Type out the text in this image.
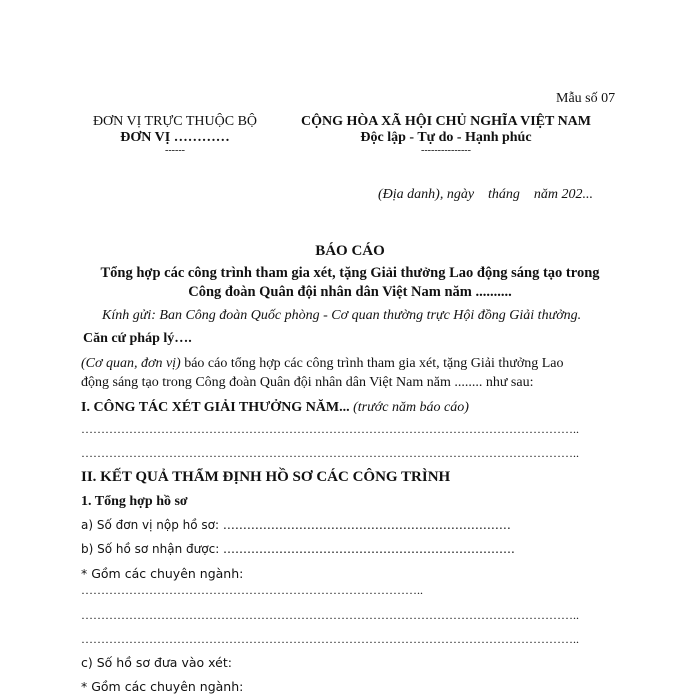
Mẫu số 07
ĐƠN VỊ TRỰC THUỘC BỘ
ĐƠN VỊ …………
------
CỘNG HÒA XÃ HỘI CHỦ NGHĨA VIỆT NAM
Độc lập - Tự do - Hạnh phúc
---------------
(Địa danh), ngày    tháng    năm 202...
BÁO CÁO
Tổng hợp các công trình tham gia xét, tặng Giải thưởng Lao động sáng tạo trong
Công đoàn Quân đội nhân dân Việt Nam năm ..........
Kính gửi: Ban Công đoàn Quốc phòng - Cơ quan thường trực Hội đồng Giải thưởng.
Căn cứ pháp lý….
(Cơ quan, đơn vị) báo cáo tổng hợp các công trình tham gia xét, tặng Giải thưởng Lao
động sáng tạo trong Công đoàn Quân đội nhân dân Việt Nam năm ........ như sau:
I. CÔNG TÁC XÉT GIẢI THƯỞNG NĂM... (trước năm báo cáo)
……………………………………………………………………………………………………………..
……………………………………………………………………………………………………………..
II. KẾT QUẢ THẨM ĐỊNH HỒ SƠ CÁC CÔNG TRÌNH
1. Tổng hợp hồ sơ
a) Số đơn vị nộp hồ sơ: ………………………………………………………………
b) Số hồ sơ nhận được: ……………………………………………………………….
* Gồm các chuyên ngành:
…………………………………………………………………………..
……………………………………………………………………………………………………………..
……………………………………………………………………………………………………………..
c) Số hồ sơ đưa vào xét:
* Gồm các chuyên ngành:
